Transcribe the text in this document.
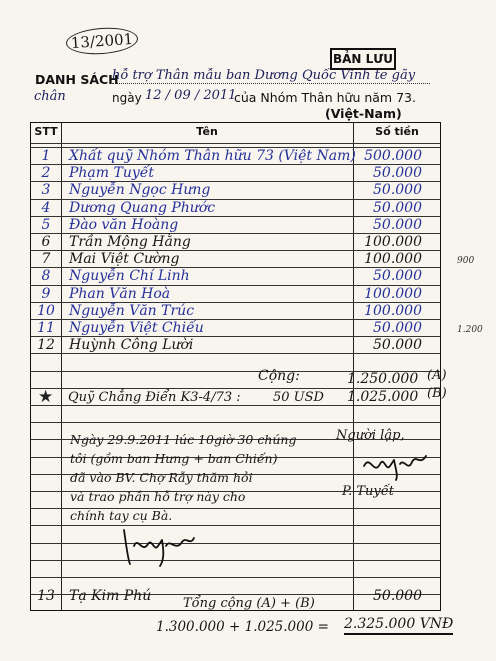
13/2001
BẢN LƯU
DANH SÁCH
hỗ trợ Thân mẫu ban Dương Quốc Vinh te gãy
chân	ngày 12 / 09 / 2011
của Nhóm Thân hữu năm 73.
(Việt-Nam)
STT	Tên	Số tiền
1	Xhất quỹ Nhóm Thân hữu 73 (Việt Nam) 500.000
2	Phạm Tuyết	50.000
3	Nguyễn Ngọc Hưng	50.000
4	Dương Quang Phước	50.000
5	Đào văn Hoàng	50.000
6	Trần Mộng Hằng	100.000
7	Mai Việt Cường	100.000	900
8	Nguyễn Chí Linh	50.000
9	Phan Văn Hoà	100.000
10	Nguyễn Văn Trúc	100.000
11	Nguyễn Việt Chiếu	50.000	1.200
12	Huỳnh Công Lười	50.000
13	Tạ Kim Phú	50.000
Cộng:	1.250.000 (A)
★ Quỹ Chẳng Điển K3-4/73 : 50 USD 1.025.000 (B)
Ngày 29.9.2011 lúc 10giờ 30 chúng
tôi (gồm ban Hưng + ban Chiến)
đã vào BV. Chợ Rẫy thăm hỏi
và trao phần hỗ trợ này cho
chính tay cụ Bà.
Người lập,
P. Tuyết
Tổng cộng (A) + (B)
1.300.000 + 1.025.000 = 2.325.000 VNĐ
